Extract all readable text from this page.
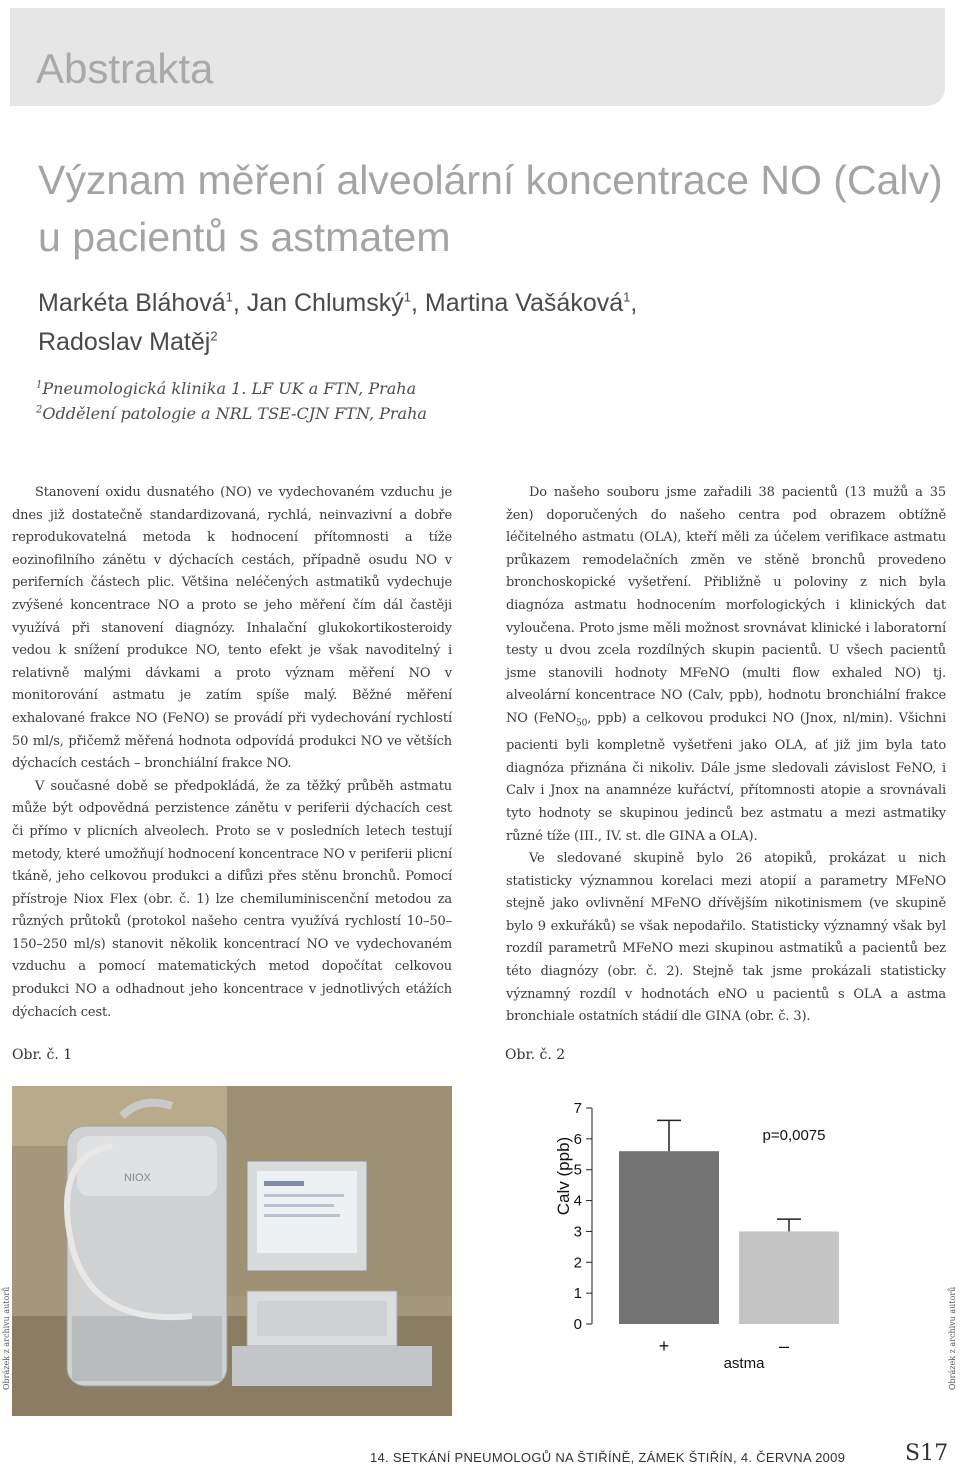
Abstrakta
Význam měření alveolární koncentrace NO (Calv) u pacientů s astmatem
Markéta Bláhová$^1$, Jan Chlumský$^1$, Martina Vašáková$^1$,
Radoslav Matěj$^2$
$^1$Pneumologická klinika 1. LF UK a FTN, Praha
$^2$Oddělení patologie a NRL TSE-CJN FTN, Praha

Stanovení oxidu dusnatého (NO) ve vydechovaném vzduchu je dnes již dostatečně standardizovaná, rychlá, neinvazivní a dobře reprodukovatelná metoda k hodnocení přítomnosti a tíže eozinofilního zánětu v dýchacích cestách, případně osudu NO v periferních částech plic. Většina neléčených astmatiků vydechuje zvýšené koncentrace NO a proto se jeho měření čím dál častěji využívá při stanovení diagnózy. Inhalační glukokortikosteroidy vedou k snížení produkce NO, tento efekt je však navoditelný i relativně malými dávkami a proto význam měření NO v monitorování astmatu je zatím spíše malý. Běžné měření exhalované frakce NO (FeNO) se provádí při vydechování rychlostí 50 ml/s, přičemž měřená hodnota odpovídá produkci NO ve větších dýchacích cestách – bronchiální frakce NO.

V současné době se předpokládá, že za těžký průběh astmatu může být odpovědná perzistence zánětu v periferii dýchacích cest či přímo v plicních alveolech. Proto se v posledních letech testují metody, které umožňují hodnocení koncentrace NO v periferii plicní tkáně, jeho celkovou produkci a difůzi přes stěnu bronchů. Pomocí přístroje Niox Flex (obr. č. 1) lze chemiluminiscenční metodou za různých průtoků (protokol našeho centra využívá rychlostí 10–50–150–250 ml/s) stanovit několik koncentrací NO ve vydechovaném vzduchu a pomocí matematických metod dopočítat celkovou produkci NO a odhadnout jeho koncentrace v jednotlivých etážích dýchacích cest.

Do našeho souboru jsme zařadili 38 pacientů (13 mužů a 35 žen) doporučených do našeho centra pod obrazem obtížně léčitelného astmatu (OLA), kteří měli za účelem verifikace astmatu průkazem remodelačních změn ve stěně bronchů provedeno bronchoskopické vyšetření. Přibližně u poloviny z nich byla diagnóza astmatu hodnocením morfologických i klinických dat vyloučena. Proto jsme měli možnost srovnávat klinické i laboratorní testy u dvou zcela rozdílných skupin pacientů. U všech pacientů jsme stanovili hodnoty MFeNO (multi flow exhaled NO) tj. alveolární koncentrace NO (Calv, ppb), hodnotu bronchiální frakce NO (FeNO$_{50}$, ppb) a celkovou produkci NO (Jnox, nl/min). Všichni pacienti byli kompletně vyšetřeni jako OLA, ať již jim byla tato diagnóza přiznána či nikoliv. Dále jsme sledovali závislost FeNO, i Calv i Jnox na anamnéze kuřáctví, přítomnosti atopie a srovnávali tyto hodnoty se skupinou jedinců bez astmatu a mezi astmatiky různé tíže (III., IV. st. dle GINA a OLA).

Ve sledované skupině bylo 26 atopiků, prokázat u nich statisticky významnou korelaci mezi atopií a parametry MFeNO stejně jako ovlivnění MFeNO dřívějším nikotinismem (ve skupině bylo 9 exkuřáků) se však nepodařilo. Statisticky významný však byl rozdíl parametrů MFeNO mezi skupinou astmatiků a pacientů bez této diagnózy (obr. č. 2). Stejně tak jsme prokázali statisticky významný rozdíl v hodnotách eNO u pacientů s OLA a astma bronchiale ostatních stádií dle GINA (obr. č. 3).

Obr. č. 1	Obr. č. 2
NIOX
0
1
2
3
4
5
6
7
+	–
Calv (ppb)
astma
p=0,0075
Obrázek z archivu autorů	Obrázek z archivu autorů
14. SETKÁNÍ PNEUMOLOGŮ NA ŠTIŘÍNĚ, ZÁMEK ŠTIŘÍN, 4. ČERVNA 2009	S17
